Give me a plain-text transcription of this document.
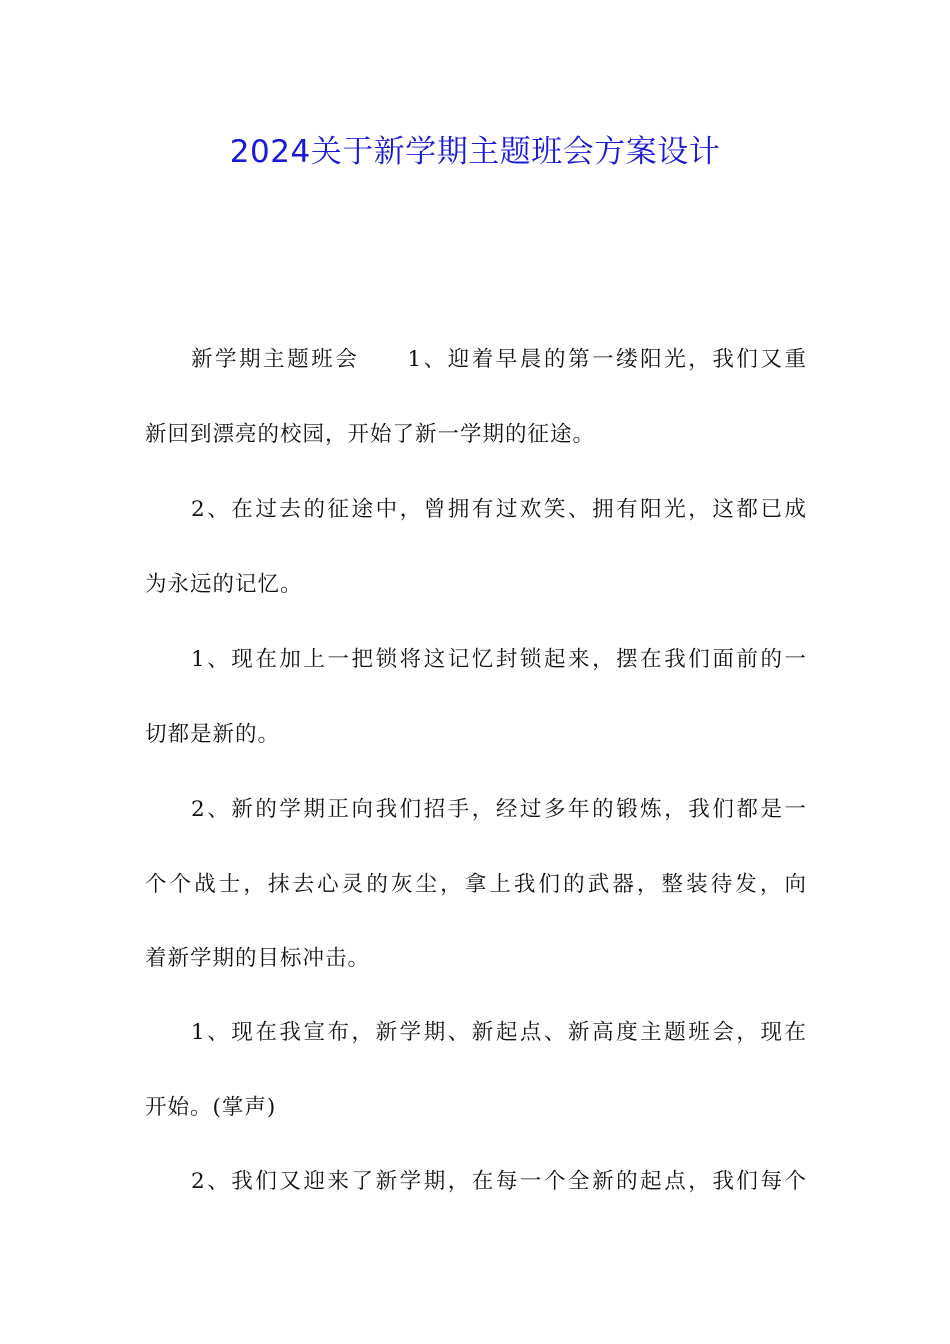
2024关于新学期主题班会方案设计
新学期主题班会　　1、迎着早晨的第一缕阳光，我们又重
新回到漂亮的校园，开始了新一学期的征途。
2、在过去的征途中，曾拥有过欢笑、拥有阳光，这都已成
为永远的记忆。
1、现在加上一把锁将这记忆封锁起来，摆在我们面前的一
切都是新的。
2、新的学期正向我们招手，经过多年的锻炼，我们都是一
个个战士，抹去心灵的灰尘，拿上我们的武器，整装待发，向
着新学期的目标冲击。
1、现在我宣布，新学期、新起点、新高度主题班会，现在
开始。(掌声)
2、我们又迎来了新学期，在每一个全新的起点，我们每个
